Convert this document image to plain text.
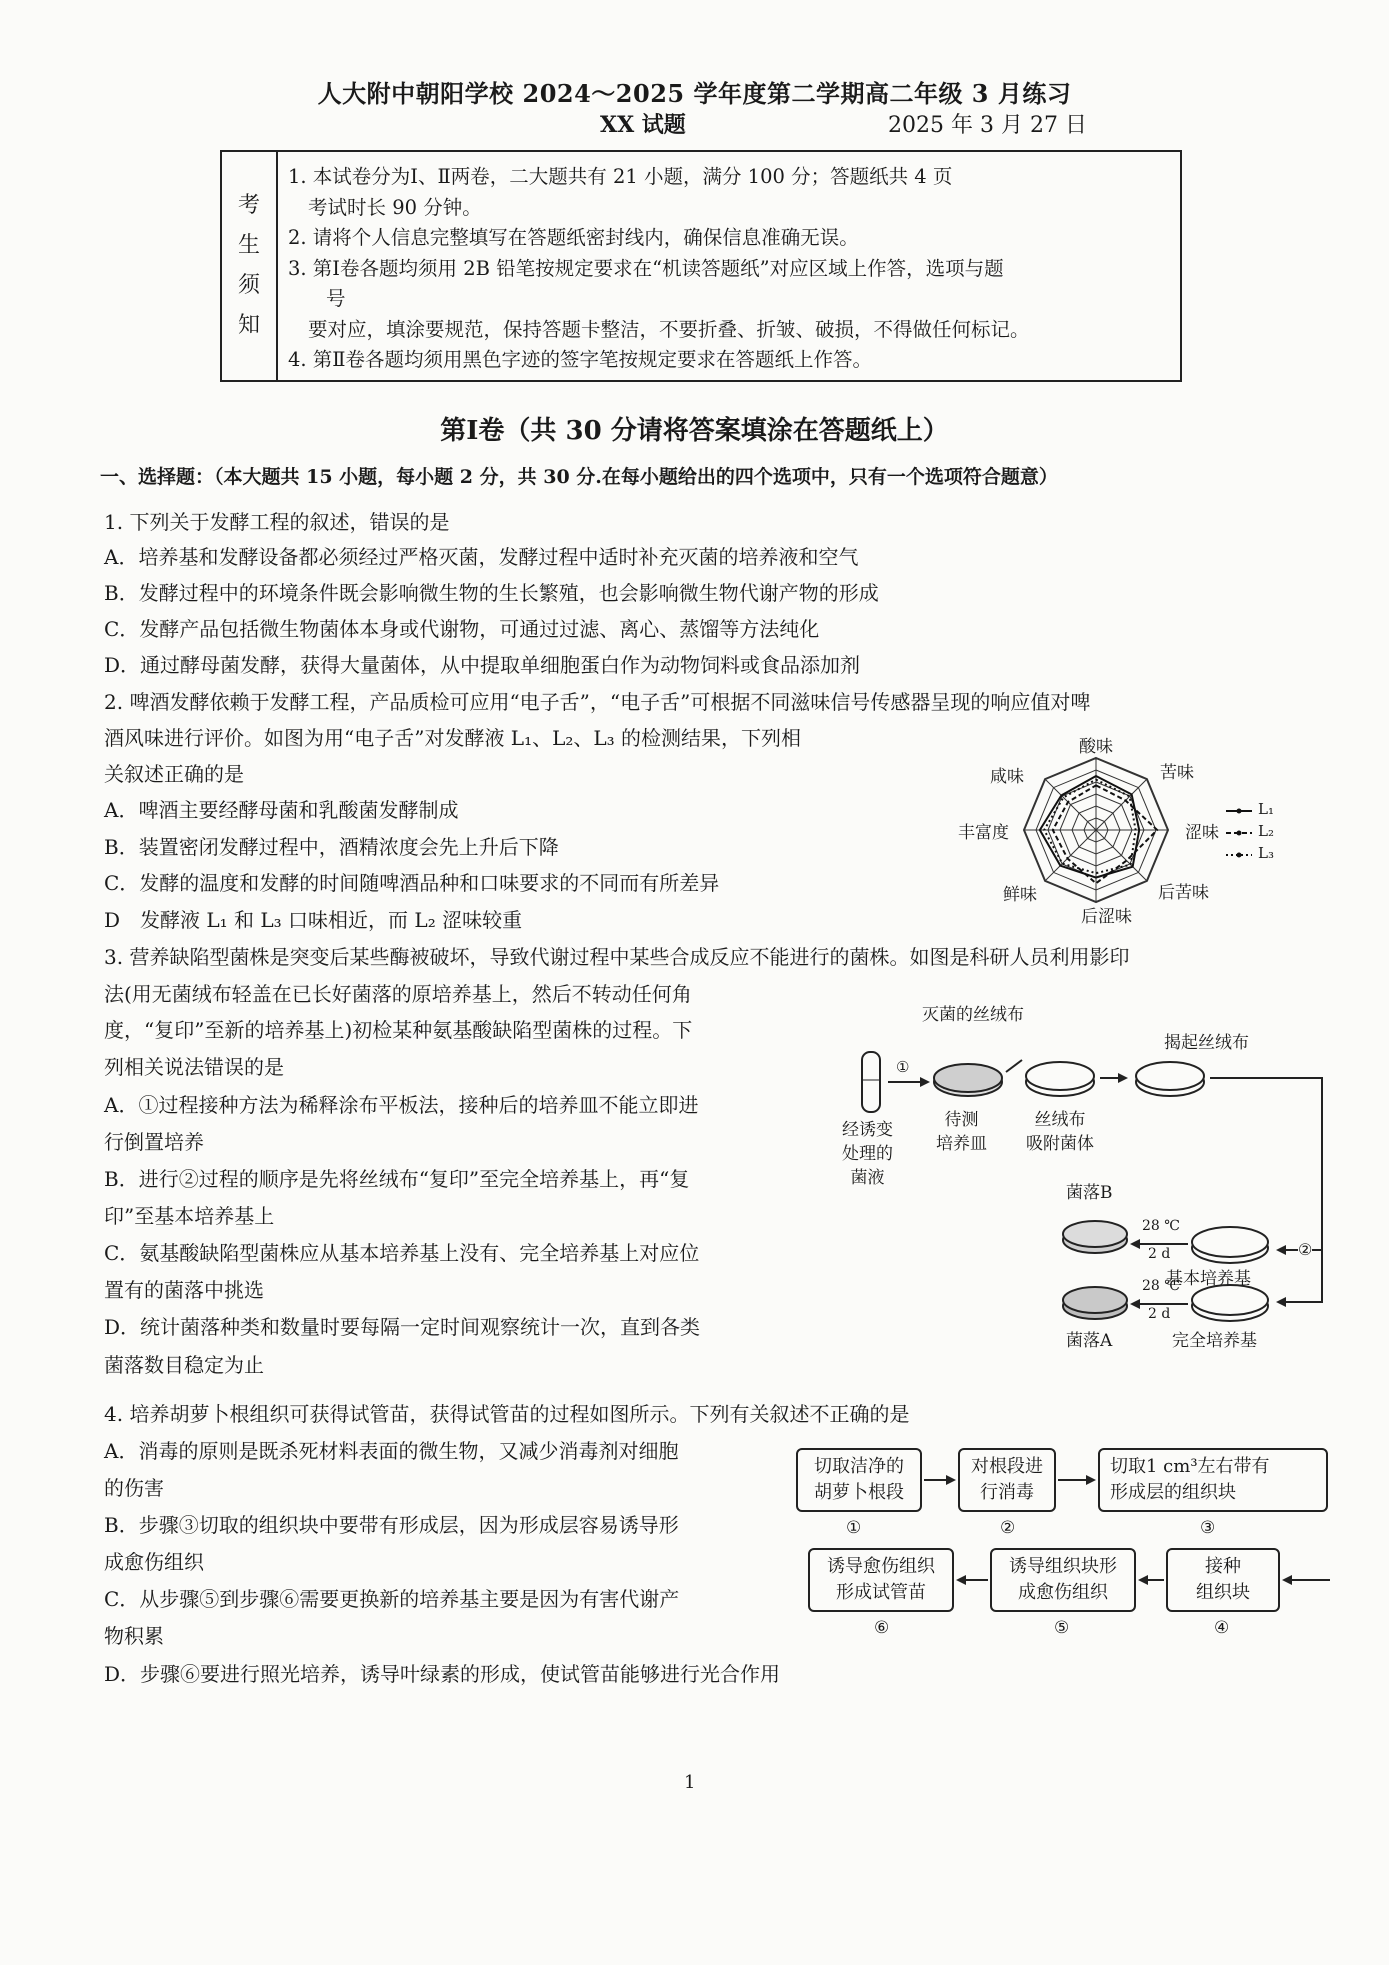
人大附中朝阳学校 2024～2025 学年度第二学期高二年级 3 月练习
XX 试题	2025 年 3 月 27 日
考
生
须
知

1. 本试卷分为Ⅰ、Ⅱ两卷，二大题共有 21 小题，满分 100 分；答题纸共 4 页

考试时长 90 分钟。

2. 请将个人信息完整填写在答题纸密封线内，确保信息准确无误。

3. 第Ⅰ卷各题均须用 2B 铅笔按规定要求在“机读答题纸”对应区域上作答，选项与题

号

要对应，填涂要规范，保持答题卡整洁，不要折叠、折皱、破损，不得做任何标记。

4. 第Ⅱ卷各题均须用黑色字迹的签字笔按规定要求在答题纸上作答。

第Ⅰ卷（共 30 分请将答案填涂在答题纸上）
一、选择题：（本大题共 15 小题，每小题 2 分，共 30 分.在每小题给出的四个选项中，只有一个选项符合题意）
1. 下列关于发酵工程的叙述，错误的是
A．培养基和发酵设备都必须经过严格灭菌，发酵过程中适时补充灭菌的培养液和空气
B．发酵过程中的环境条件既会影响微生物的生长繁殖，也会影响微生物代谢产物的形成
C．发酵产品包括微生物菌体本身或代谢物，可通过过滤、离心、蒸馏等方法纯化
D．通过酵母菌发酵，获得大量菌体，从中提取单细胞蛋白作为动物饲料或食品添加剂
2. 啤酒发酵依赖于发酵工程，产品质检可应用“电子舌”，“电子舌”可根据不同滋味信号传感器呈现的响应值对啤
酒风味进行评价。如图为用“电子舌”对发酵液 L₁、L₂、L₃ 的检测结果，下列相
关叙述正确的是
A．啤酒主要经酵母菌和乳酸菌发酵制成
B．装置密闭发酵过程中，酒精浓度会先上升后下降
C．发酵的温度和发酵的时间随啤酒品种和口味要求的不同而有所差异
D　发酵液 L₁ 和 L₃ 口味相近，而 L₂ 涩味较重
酸味
苦味
涩味
后苦味
后涩味
鲜味
丰富度
咸味
L₁
L₂
L₃
3. 营养缺陷型菌株是突变后某些酶被破坏，导致代谢过程中某些合成反应不能进行的菌株。如图是科研人员利用影印
法(用无菌绒布轻盖在已长好菌落的原培养基上，然后不转动任何角
度，“复印”至新的培养基上)初检某种氨基酸缺陷型菌株的过程。下
列相关说法错误的是
A．①过程接种方法为稀释涂布平板法，接种后的培养皿不能立即进
行倒置培养
B．进行②过程的顺序是先将丝绒布“复印”至完全培养基上，再“复
印”至基本培养基上
C．氨基酸缺陷型菌株应从基本培养基上没有、完全培养基上对应位
置有的菌落中挑选
D．统计菌落种类和数量时要每隔一定时间观察统计一次，直到各类
菌落数目稳定为止
灭菌的丝绒布
揭起丝绒布
①
②
经诱变
处理的
菌液
待测
培养皿
丝绒布
吸附菌体
菌落B
28 ℃
2 d
基本培养基
28 ℃
2 d
菌落A	完全培养基
4. 培养胡萝卜根组织可获得试管苗，获得试管苗的过程如图所示。下列有关叙述不正确的是
A．消毒的原则是既杀死材料表面的微生物，又减少消毒剂对细胞
的伤害
B．步骤③切取的组织块中要带有形成层，因为形成层容易诱导形
成愈伤组织
C．从步骤⑤到步骤⑥需要更换新的培养基主要是因为有害代谢产
物积累
D．步骤⑥要进行照光培养，诱导叶绿素的形成，使试管苗能够进行光合作用
切取洁净的
胡萝卜根段
对根段进
行消毒
切取1 cm³左右带有
形成层的组织块
接种
组织块
诱导组织块形
成愈伤组织
诱导愈伤组织
形成试管苗
①	②	③
④
⑤
⑥
1
